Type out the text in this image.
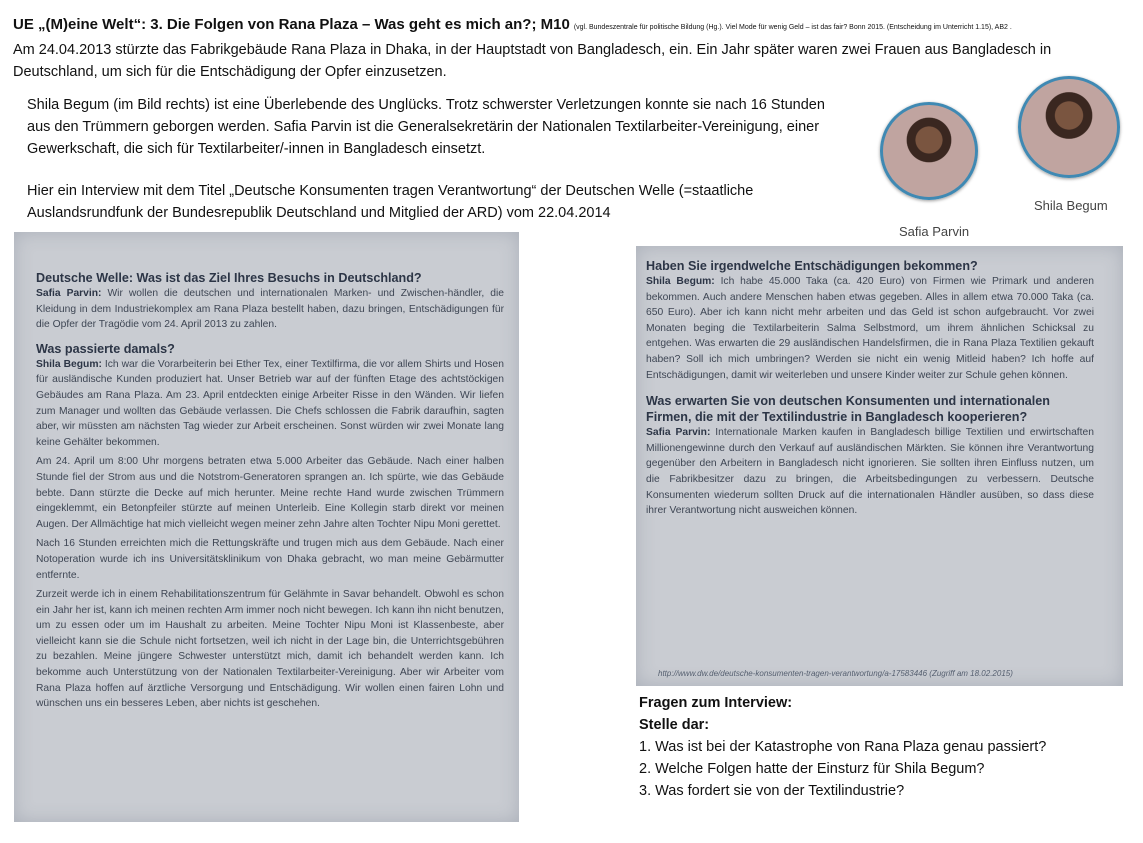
UE „(M)eine Welt“: 3. Die Folgen von Rana Plaza – Was geht es mich an?; M10 (vgl. Bundeszentrale für politische Bildung (Hg.). Viel Mode für wenig Geld – ist das fair? Bonn 2015. (Entscheidung im Unterricht 1.15), AB2 .
Am 24.04.2013 stürzte das Fabrikgebäude Rana Plaza in Dhaka, in der Hauptstadt von Bangladesch, ein. Ein Jahr später waren zwei Frauen aus Bangladesch in
Deutschland, um sich für die Entschädigung der Opfer einzusetzen.
Shila Begum (im Bild rechts) ist eine Überlebende des Unglücks. Trotz schwerster Verletzungen konnte sie nach 16 Stunden
aus den Trümmern geborgen werden. Safia Parvin ist die Generalsekretärin der Nationalen Textilarbeiter-Vereinigung, einer
Gewerkschaft, die sich für Textilarbeiter/-innen in Bangladesch einsetzt.
Hier ein Interview mit dem Titel „Deutsche Konsumenten tragen Verantwortung“ der Deutschen Welle (=staatliche
Auslandsrundfunk der Bundesrepublik Deutschland und Mitglied der ARD) vom 22.04.2014
Safia Parvin
Shila Begum
Deutsche Welle: Was ist das Ziel Ihres Besuchs in Deutschland?

Safia Parvin: Wir wollen die deutschen und internationalen Marken- und Zwischen-händler, die Kleidung in dem Industriekomplex am Rana Plaza bestellt haben, dazu bringen, Entschädigungen für die Opfer der Tragödie vom 24. April 2013 zu zahlen.

Was passierte damals?

Shila Begum: Ich war die Vorarbeiterin bei Ether Tex, einer Textilfirma, die vor allem Shirts und Hosen für ausländische Kunden produziert hat. Unser Betrieb war auf der fünften Etage des achtstöckigen Gebäudes am Rana Plaza. Am 23. April entdeckten einige Arbeiter Risse in den Wänden. Wir liefen zum Manager und wollten das Gebäude verlassen. Die Chefs schlossen die Fabrik daraufhin, sagten aber, wir müssten am nächsten Tag wieder zur Arbeit erscheinen. Sonst würden wir zwei Monate lang keine Gehälter bekommen.

Am 24. April um 8:00 Uhr morgens betraten etwa 5.000 Arbeiter das Gebäude. Nach einer halben Stunde fiel der Strom aus und die Notstrom-Generatoren sprangen an. Ich spürte, wie das Gebäude bebte. Dann stürzte die Decke auf mich herunter. Meine rechte Hand wurde zwischen Trümmern eingeklemmt, ein Betonpfeiler stürzte auf meinen Unterleib. Eine Kollegin starb direkt vor meinen Augen. Der Allmächtige hat mich vielleicht wegen meiner zehn Jahre alten Tochter Nipu Moni gerettet.

Nach 16 Stunden erreichten mich die Rettungskräfte und trugen mich aus dem Gebäude. Nach einer Notoperation wurde ich ins Universitätsklinikum von Dhaka gebracht, wo man meine Gebärmutter entfernte.

Zurzeit werde ich in einem Rehabilitationszentrum für Gelähmte in Savar behandelt. Obwohl es schon ein Jahr her ist, kann ich meinen rechten Arm immer noch nicht bewegen. Ich kann ihn nicht benutzen, um zu essen oder um im Haushalt zu arbeiten. Meine Tochter Nipu Moni ist Klassenbeste, aber vielleicht kann sie die Schule nicht fortsetzen, weil ich nicht in der Lage bin, die Unterrichtsgebühren zu bezahlen. Meine jüngere Schwester unterstützt mich, damit ich behandelt werden kann. Ich bekomme auch Unterstützung von der Nationalen Textilarbeiter-Vereinigung. Aber wir Arbeiter vom Rana Plaza hoffen auf ärztliche Versorgung und Entschädigung. Wir wollen einen fairen Lohn und wünschen uns ein besseres Leben, aber nichts ist geschehen.

Haben Sie irgendwelche Entschädigungen bekommen?

Shila Begum: Ich habe 45.000 Taka (ca. 420 Euro) von Firmen wie Primark und anderen bekommen. Auch andere Menschen haben etwas gegeben. Alles in allem etwa 70.000 Taka (ca. 650 Euro). Aber ich kann nicht mehr arbeiten und das Geld ist schon aufgebraucht. Vor zwei Monaten beging die Textilarbeiterin Salma Selbstmord, um ihrem ähnlichen Schicksal zu entgehen. Was erwarten die 29 ausländischen Handelsfirmen, die in Rana Plaza Textilien gekauft haben? Soll ich mich umbringen? Werden sie nicht ein wenig Mitleid haben? Ich hoffe auf Entschädigungen, damit wir weiterleben und unsere Kinder weiter zur Schule gehen können.

Was erwarten Sie von deutschen Konsumenten und internationalen Firmen, die mit der Textilindustrie in Bangladesch kooperieren?

Safia Parvin: Internationale Marken kaufen in Bangladesch billige Textilien und erwirtschaften Millionengewinne durch den Verkauf auf ausländischen Märkten. Sie können ihre Verantwortung gegenüber den Arbeitern in Bangladesch nicht ignorieren. Sie sollten ihren Einfluss nutzen, um die Fabrikbesitzer dazu zu bringen, die Arbeitsbedingungen zu verbessern. Deutsche Konsumenten wiederum sollten Druck auf die internationalen Händler ausüben, so dass diese ihrer Verantwortung nicht ausweichen können.

http://www.dw.de/deutsche-konsumenten-tragen-verantwortung/a-17583446 (Zugriff am 18.02.2015)
Fragen zum Interview:
Stelle dar:
1. Was ist bei der Katastrophe von Rana Plaza genau passiert?
2. Welche Folgen hatte der Einsturz für Shila Begum?
3. Was fordert sie von der Textilindustrie?
